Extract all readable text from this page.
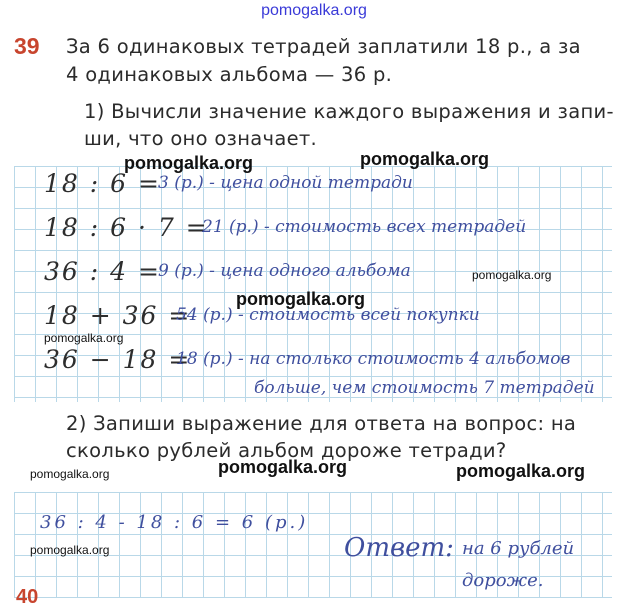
pomogalka.org
39 За 6 одинаковых тетрадей заплатили 18 р., а за
4 одинаковых альбома — 36 р.
1) Вычисли значение каждого выражения и запи-
ши, что оно означает.
18 : 6 =
3 (р.) - цена одной тетради
18 : 6 · 7 =
21 (р.) - стоимость всех тетрадей
36 : 4 =
9 (р.) - цена одного альбома
18 + 36 =
54 (р.) - стоимость всей покупки
36 − 18 =
18 (р.) - на столько стоимость 4 альбомов
больше, чем стоимость 7 тетрадей
2) Запиши выражение для ответа на вопрос: на
сколько рублей альбом дороже тетради?
36 : 4 - 18 : 6 = 6 (р.)
Ответ: на 6 рублей
дороже.
pomogalka.org	pomogalka.org
pomogalka.org
pomogalka.org
pomogalka.org
pomogalka.org	pomogalka.org
pomogalka.org
pomogalka.org
40
